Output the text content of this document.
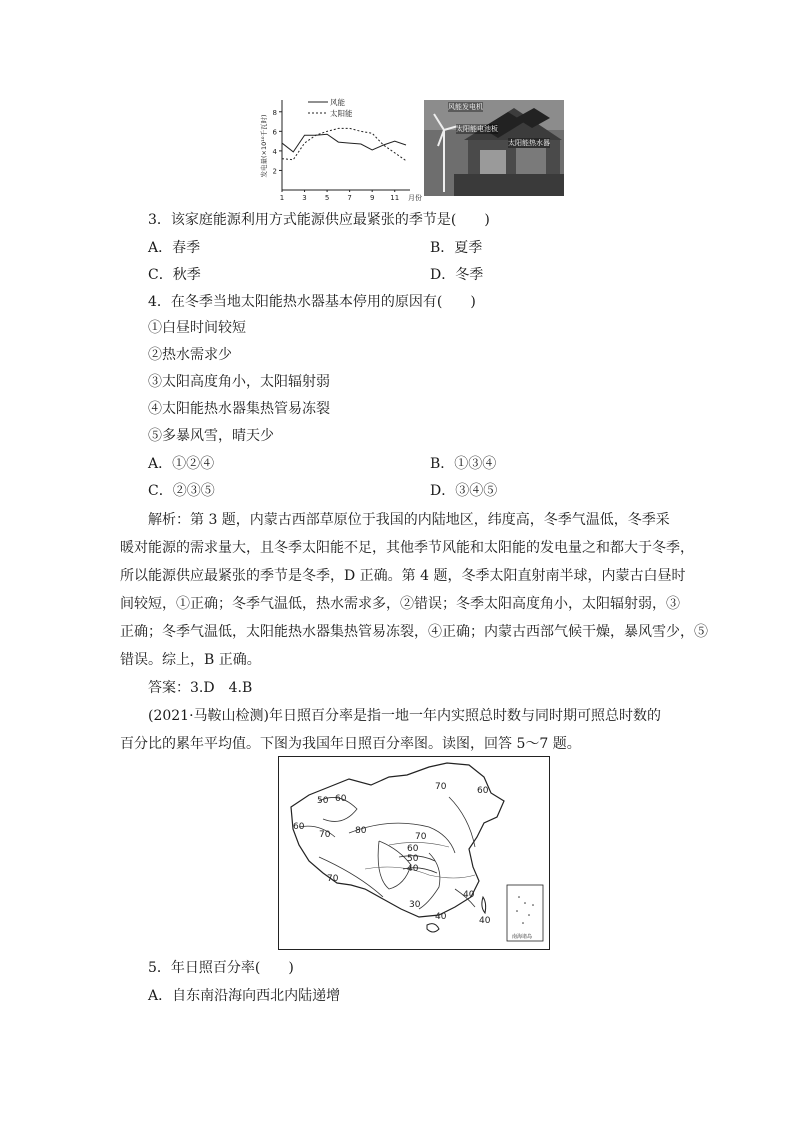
2
4
6
8
1	3	5	7	9 11 月份
发电量(×10¹⁰千瓦时)
风能
太阳能
风能发电机
太阳能电池板
太阳能热水器
3．该家庭能源利用方式能源供应最紧张的季节是(　　)
A．春季	B．夏季
C．秋季	D．冬季
4．在冬季当地太阳能热水器基本停用的原因有(　　)
①白昼时间较短
②热水需求少
③太阳高度角小，太阳辐射弱
④太阳能热水器集热管易冻裂
⑤多暴风雪，晴天少
A．①②④	B．①③④
C．②③⑤	D．③④⑤
解析：第 3 题，内蒙古西部草原位于我国的内陆地区，纬度高，冬季气温低，冬季采
暖对能源的需求量大，且冬季太阳能不足，其他季节风能和太阳能的发电量之和都大于冬季，
所以能源供应最紧张的季节是冬季，D 正确。第 4 题，冬季太阳直射南半球，内蒙古白昼时
间较短，①正确；冬季气温低，热水需求多，②错误；冬季太阳高度角小，太阳辐射弱，③
正确；冬季气温低，太阳能热水器集热管易冻裂，④正确；内蒙古西部气候干燥，暴风雪少，⑤
错误。综上，B 正确。
答案：3.D　4.B
(2021·马鞍山检测)年日照百分率是指一地一年内实照总时数与同时期可照总时数的
百分比的累年平均值。下图为我国年日照百分率图。读图，回答 5～7 题。
南海诸岛
70	60
50 60
60
70	80
70
60
50
40
70
30
40
40
40
5．年日照百分率(　　)
A．自东南沿海向西北内陆递增
